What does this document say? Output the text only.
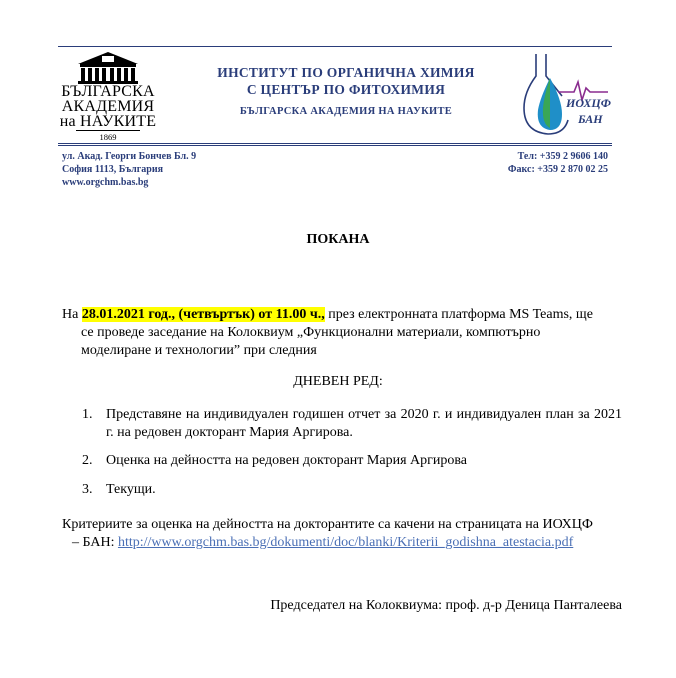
БЪЛГАРСКА
АКАДЕМИЯ
на НАУКИТЕ
1869
ИНСТИТУТ ПО ОРГАНИЧНА ХИМИЯ
С ЦЕНТЪР ПО ФИТОХИМИЯ
БЪЛГАРСКА АКАДЕМИЯ НА НАУКИТЕ
ИОХЦФ
БАН
ул. Акад. Георги Бончев Бл. 9
София 1113, България
www.orgchm.bas.bg
Тел: +359 2 9606 140
Факс: +359 2 870 02 25
ПОКАНА
На 28.01.2021 год., (четвъртък) от 11.00 ч., през електронната платформа MS Teams, ще
се проведе заседание на Колоквиум „Функционални материали, компютърно
моделиране и технологии” при следния
ДНЕВЕН РЕД:
1. Представяне на индивидуален годишен отчет за 2020 г. и индивидуален план за 2021 г. на редовен докторант Мария Аргирова.
2. Оценка на дейността на редовен докторант Мария Аргирова
3. Текущи.
Критериите за оценка на дейността на докторантите са качени на страницата на ИОХЦФ
– БАН: http://www.orgchm.bas.bg/dokumenti/doc/blanki/Kriterii_godishna_atestacia.pdf
Председател на Колоквиума: проф. д-р Деница Панталеева
